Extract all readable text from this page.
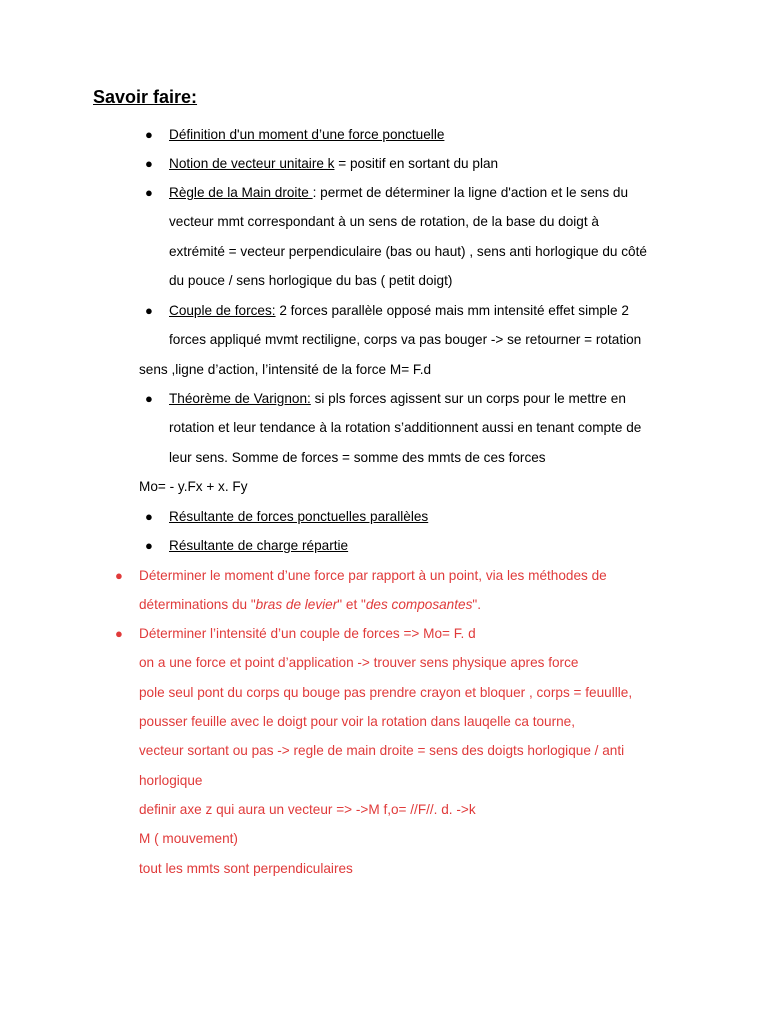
Savoir faire:
● Définition d'un moment d’une force ponctuelle
● Notion de vecteur unitaire k = positif en sortant du plan
● Règle de la Main droite : permet de déterminer la ligne d'action et le sens du
vecteur mmt correspondant à un sens de rotation, de la base du doigt à
extrémité = vecteur perpendiculaire (bas ou haut) , sens anti horlogique du côté
du pouce / sens horlogique du bas ( petit doigt)
● Couple de forces: 2 forces parallèle opposé mais mm intensité effet simple 2
forces appliqué mvmt rectiligne, corps va pas bouger -> se retourner = rotation
sens ,ligne d’action, l’intensité de la force M= F.d
● Théorème de Varignon: si pls forces agissent sur un corps pour le mettre en
rotation et leur tendance à la rotation s’additionnent aussi en tenant compte de
leur sens. Somme de forces = somme des mmts de ces forces
Mo= - y.Fx + x. Fy
● Résultante de forces ponctuelles parallèles
● Résultante de charge répartie
● Déterminer le moment d’une force par rapport à un point, via les méthodes de
déterminations du "bras de levier" et "des composantes".
● Déterminer l’intensité d’un couple de forces => Mo= F. d
on a une force et point d’application -> trouver sens physique apres force
pole seul pont du corps qu bouge pas prendre crayon et bloquer , corps = feuullle,
pousser feuille avec le doigt pour voir la rotation dans lauqelle ca tourne,
vecteur sortant ou pas -> regle de main droite = sens des doigts horlogique / anti
horlogique
definir axe z qui aura un vecteur => ->M f,o= //F//. d. ->k
M ( mouvement)
tout les mmts sont perpendiculaires
